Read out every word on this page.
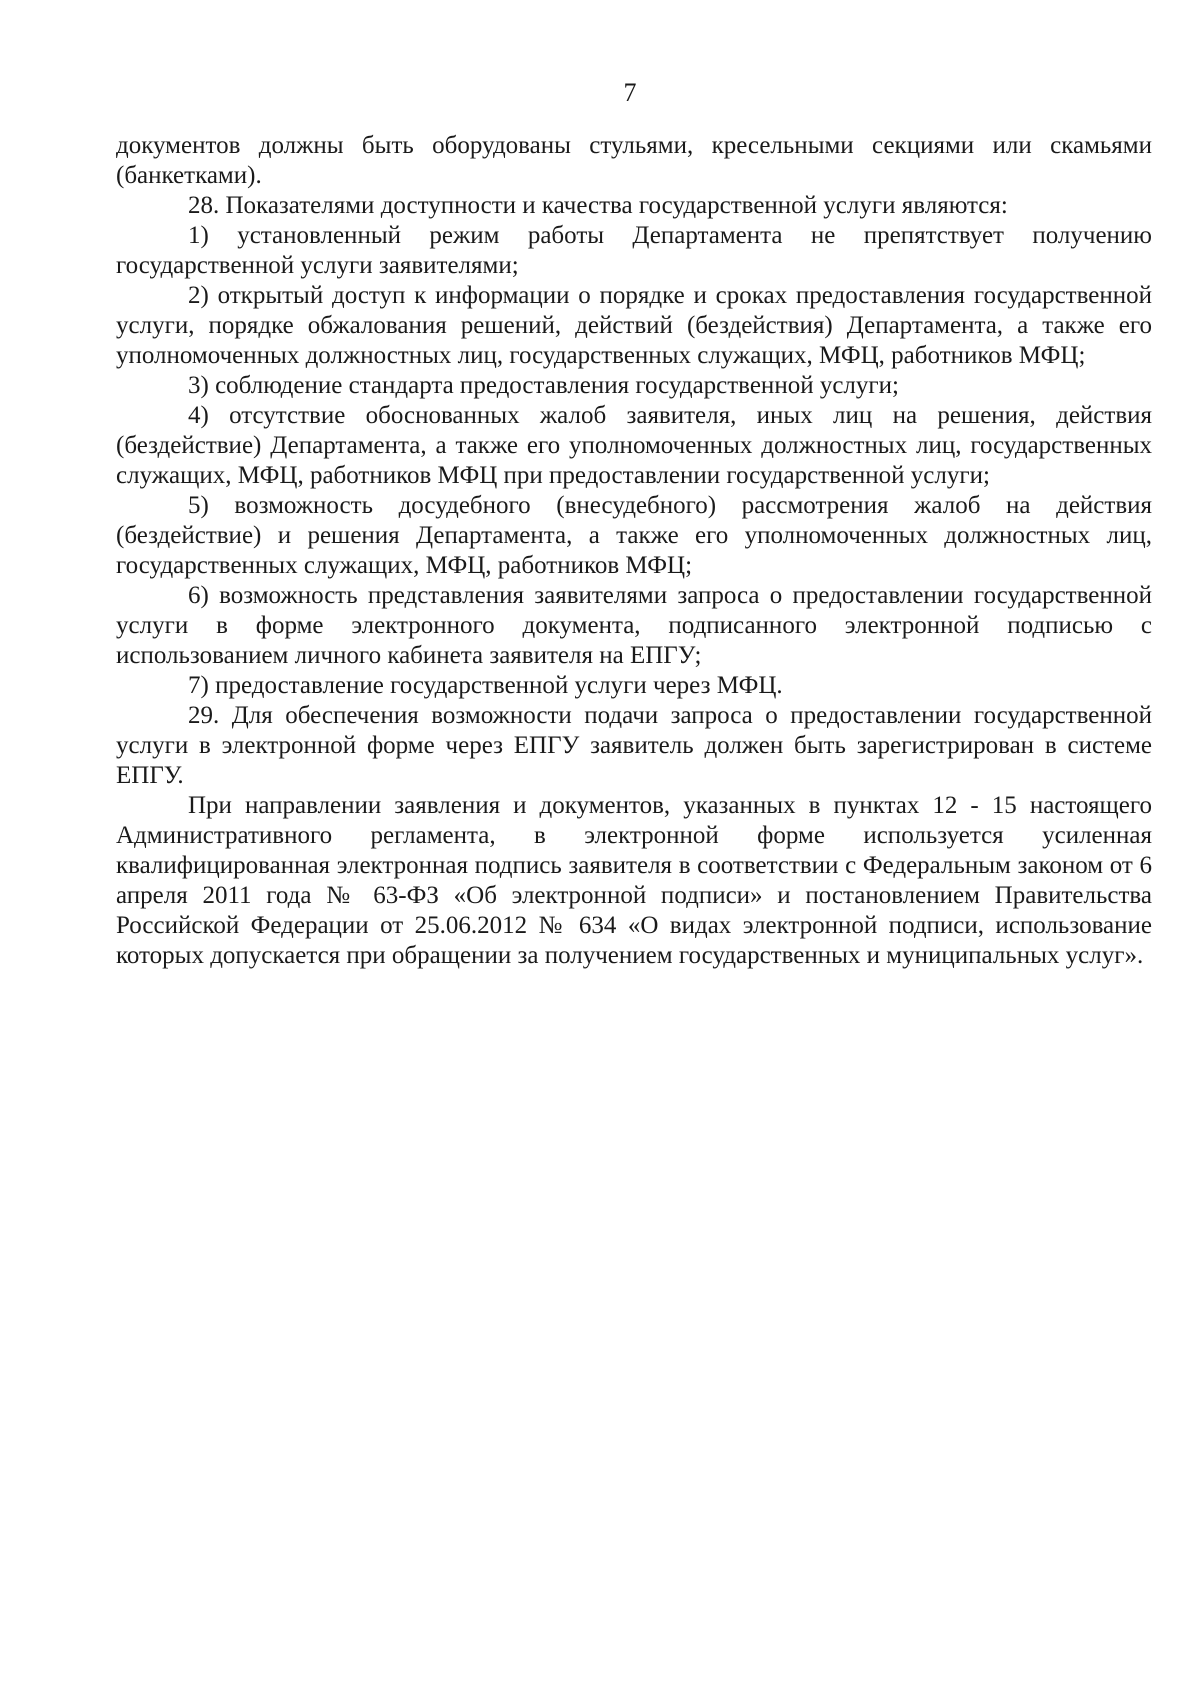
7

документов должны быть оборудованы стульями, кресельными секциями или скамьями (банкетками).

28. Показателями доступности и качества государственной услуги являются:

1) установленный режим работы Департамента не препятствует получению государственной услуги заявителями;

2) открытый доступ к информации о порядке и сроках предоставления государственной услуги, порядке обжалования решений, действий (бездействия) Департамента, а также его уполномоченных должностных лиц, государственных служащих, МФЦ, работников МФЦ;

3) соблюдение стандарта предоставления государственной услуги;

4) отсутствие обоснованных жалоб заявителя, иных лиц на решения, действия (бездействие) Департамента, а также его уполномоченных должностных лиц, государственных служащих, МФЦ, работников МФЦ при предоставлении государственной услуги;

5) возможность досудебного (внесудебного) рассмотрения жалоб на действия (бездействие) и решения Департамента, а также его уполномоченных должностных лиц, государственных служащих, МФЦ, работников МФЦ;

6) возможность представления заявителями запроса о предоставлении государственной услуги в форме электронного документа, подписанного электронной подписью с использованием личного кабинета заявителя на ЕПГУ;

7) предоставление государственной услуги через МФЦ.

29. Для обеспечения возможности подачи запроса о предоставлении государственной услуги в электронной форме через ЕПГУ заявитель должен быть зарегистрирован в системе ЕПГУ.

При направлении заявления и документов, указанных в пунктах 12 - 15 настоящего Административного регламента, в электронной форме используется усиленная квалифицированная электронная подпись заявителя в соответствии с Федеральным законом от 6 апреля 2011 года № 63-ФЗ «Об электронной подписи» и постановлением Правительства Российской Федерации от 25.06.2012 № 634 «О видах электронной подписи, использование которых допускается при обращении за получением государственных и муниципальных услуг».
